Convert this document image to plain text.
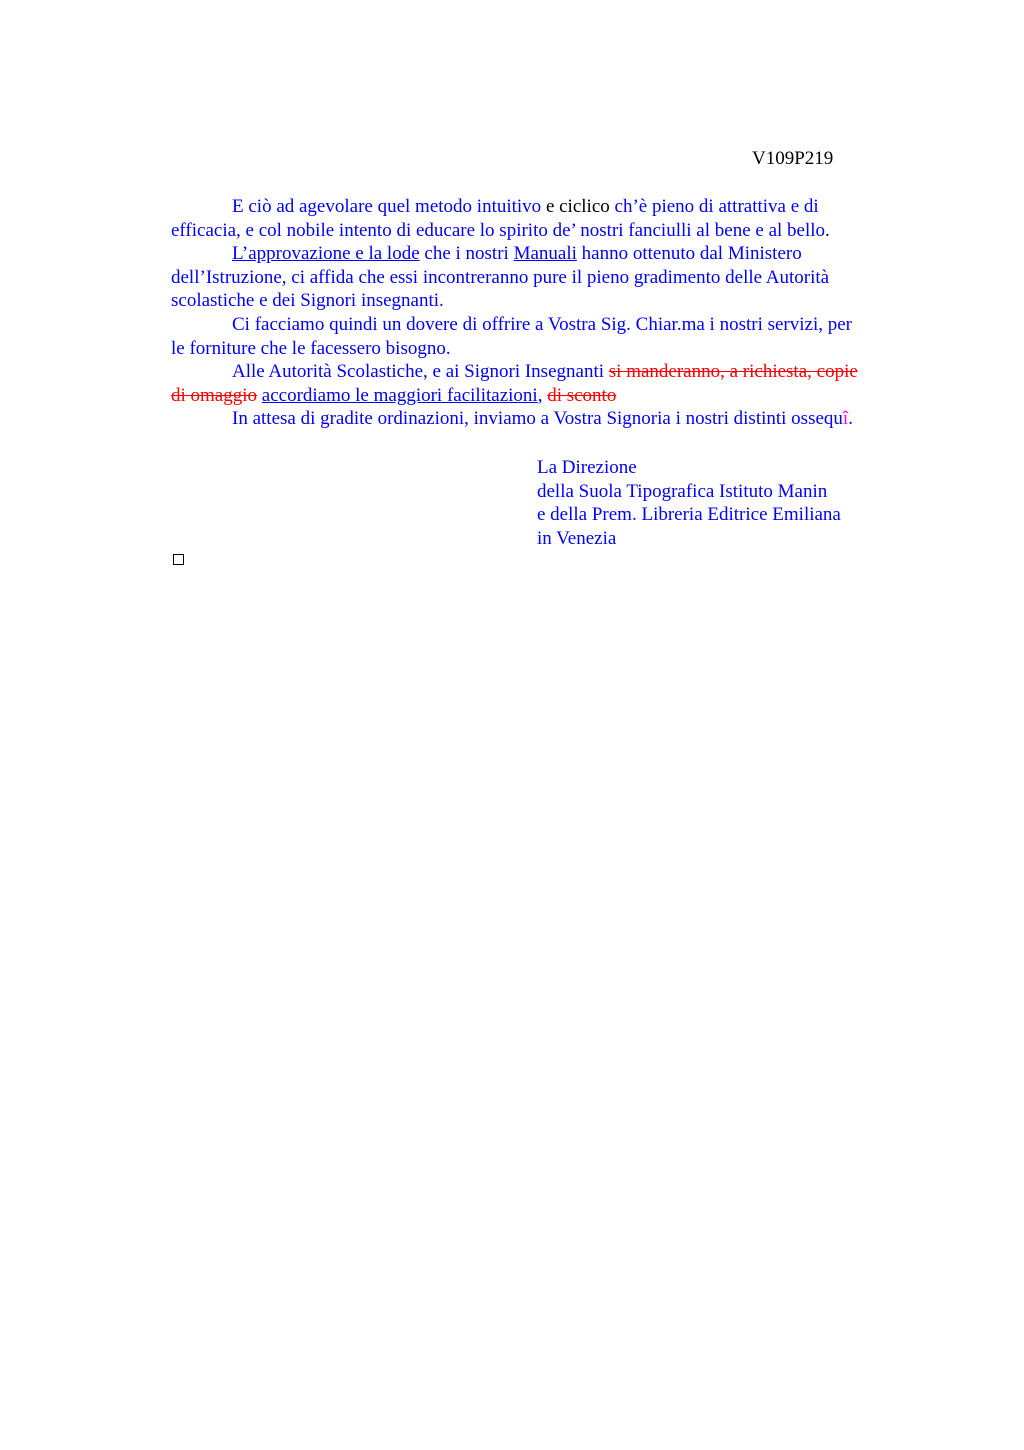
V109P219

E ciò ad agevolare quel metodo intuitivo e ciclico ch’è pieno di attrattiva e di
efficacia, e col nobile intento di educare lo spirito de’ nostri fanciulli al bene e al bello.

L’approvazione e la lode che i nostri Manuali hanno ottenuto dal Ministero
dell’Istruzione, ci affida che essi incontreranno pure il pieno gradimento delle Autorità
scolastiche e dei Signori insegnanti.

Ci facciamo quindi un dovere di offrire a Vostra Sig. Chiar.ma i nostri servizi, per
le forniture che le facessero bisogno.

Alle Autorità Scolastiche, e ai Signori Insegnanti si manderanno, a richiesta, copie
di omaggio accordiamo le maggiori facilitazioni, di sconto

In attesa di gradite ordinazioni, inviamo a Vostra Signoria i nostri distinti ossequî.

La Direzione
della Suola Tipografica Istituto Manin
e della Prem. Libreria Editrice Emiliana
in Venezia
